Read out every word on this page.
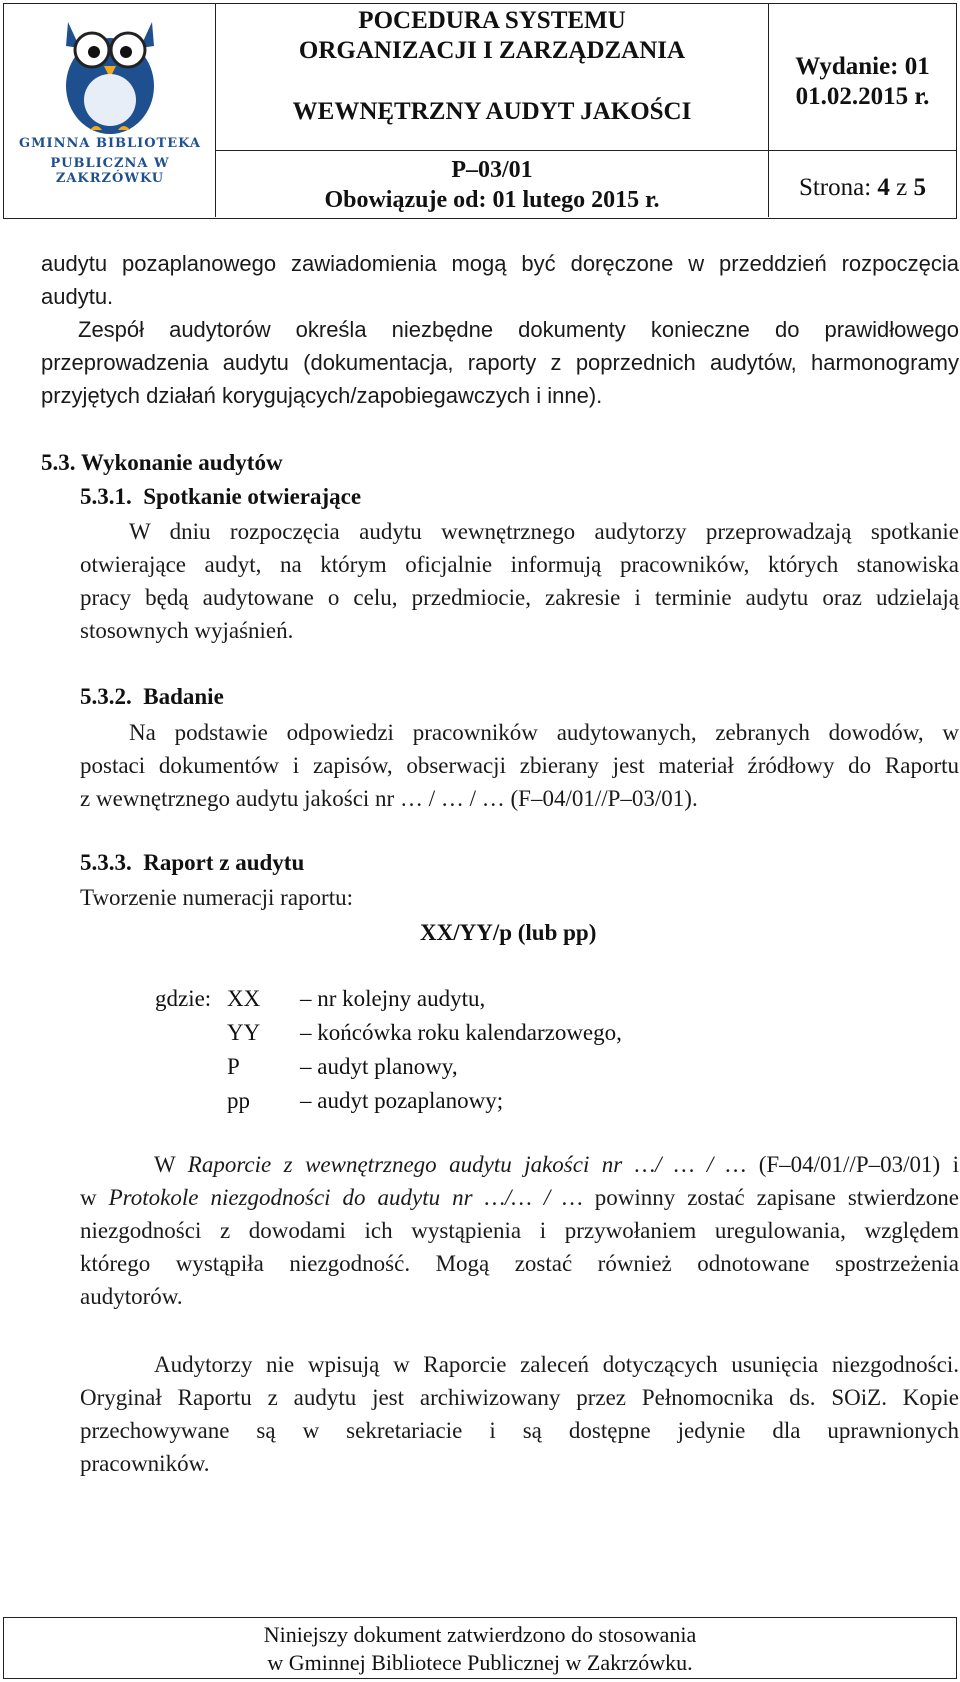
GMINNA BIBLIOTEKA
PUBLICZNA W ZAKRZÓWKU
POCEDURA SYSTEMU
ORGANIZACJI I ZARZĄDZANIA
WEWNĘTRZNY AUDYT JAKOŚCI
P–03/01
Obowiązuje od: 01 lutego 2015 r.
Wydanie: 01
01.02.2015 r.
Strona: 4 z 5
audytu pozaplanowego zawiadomienia mogą być doręczone w przeddzień rozpoczęcia
audytu.
Zespół audytorów określa niezbędne dokumenty konieczne do prawidłowego
przeprowadzenia audytu (dokumentacja, raporty z poprzednich audytów, harmonogramy
przyjętych działań korygujących/zapobiegawczych i inne).
5.3. Wykonanie audytów
5.3.1. Spotkanie otwierające
W dniu rozpoczęcia audytu wewnętrznego audytorzy przeprowadzają spotkanie
otwierające audyt, na którym oficjalnie informują pracowników, których stanowiska
pracy będą audytowane o celu, przedmiocie, zakresie i terminie audytu oraz udzielają
stosownych wyjaśnień.
5.3.2. Badanie
Na podstawie odpowiedzi pracowników audytowanych, zebranych dowodów, w
postaci dokumentów i zapisów, obserwacji zbierany jest materiał źródłowy do Raportu
z wewnętrznego audytu jakości nr … / … / … (F–04/01//P–03/01).
5.3.3. Raport z audytu
Tworzenie numeracji raportu:
XX/YY/p (lub pp)
gdzie: XX – nr kolejny audytu,
YY – końcówka roku kalendarzowego,
P	– audyt planowy,
pp – audyt pozaplanowy;
W Raporcie z wewnętrznego audytu jakości nr …/ … / … (F–04/01//P–03/01) i
w Protokole niezgodności do audytu nr …/… / … powinny zostać zapisane stwierdzone
niezgodności z dowodami ich wystąpienia i przywołaniem uregulowania, względem
którego wystąpiła niezgodność. Mogą zostać również odnotowane spostrzeżenia
audytorów.
Audytorzy nie wpisują w Raporcie zaleceń dotyczących usunięcia niezgodności.
Oryginał Raportu z audytu jest archiwizowany przez Pełnomocnika ds. SOiZ. Kopie
przechowywane są w sekretariacie i są dostępne jedynie dla uprawnionych
pracowników.
Niniejszy dokument zatwierdzono do stosowania
w Gminnej Bibliotece Publicznej w Zakrzówku.
